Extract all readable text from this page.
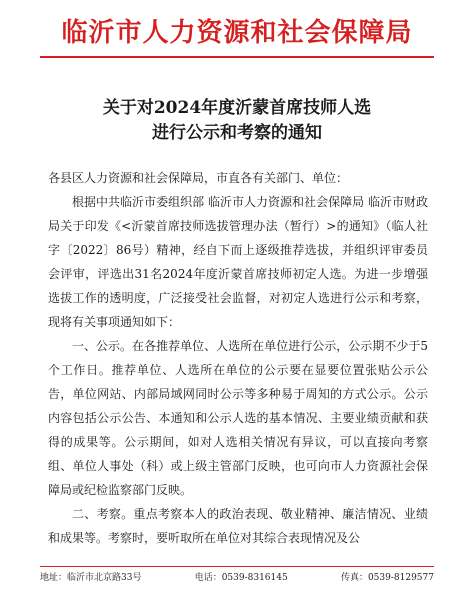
临沂市人力资源和社会保障局
关于对2024年度沂蒙首席技师人选
进行公示和考察的通知

各县区人力资源和社会保障局，市直各有关部门、单位：

根据中共临沂市委组织部 临沂市人力资源和社会保障局 临沂市财政局关于印发《<沂蒙首席技师选拔管理办法（暂行）>的通知》（临人社字〔2022〕86号）精神，经自下而上逐级推荐选拔，并组织评审委员会评审，评选出31名2024年度沂蒙首席技师初定人选。为进一步增强选拔工作的透明度，广泛接受社会监督，对初定人选进行公示和考察，现将有关事项通知如下：

一、公示。在各推荐单位、人选所在单位进行公示，公示期不少于5个工作日。推荐单位、人选所在单位的公示要在显要位置张贴公示公告，单位网站、内部局域网同时公示等多种易于周知的方式公示。公示内容包括公示公告、本通知和公示人选的基本情况、主要业绩贡献和获得的成果等。公示期间，如对人选相关情况有异议，可以直接向考察组、单位人事处（科）或上级主管部门反映，也可向市人力资源社会保障局或纪检监察部门反映。

二、考察。重点考察本人的政治表现、敬业精神、廉洁情况、业绩和成果等。考察时，要听取所在单位对其综合表现情况及公

地址：临沂市北京路33号	电话：0539-8316145	传真：0539-8129577
